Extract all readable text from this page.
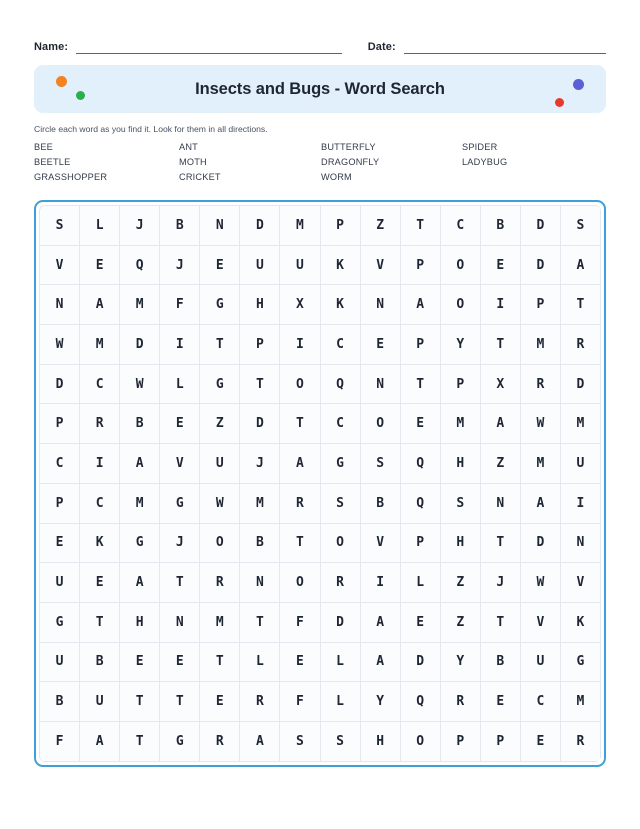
Name:	Date:
Insects and Bugs - Word Search
Circle each word as you find it. Look for them in all directions.
BEE	ANT	BUTTERFLY	SPIDER
BEETLE	MOTH	DRAGONFLY	LADYBUG
GRASSHOPPER	CRICKET	WORM
S	L	J	B	N	D	M	P	Z	T	C	B	D	S
V	E	Q	J	E	U	U	K	V	P	O	E	D	A
N	A	M	F	G	H	X	K	N	A	O	I	P	T
W	M	D	I	T	P	I	C	E	P	Y	T	M	R
D	C	W	L	G	T	O	Q	N	T	P	X	R	D
P	R	B	E	Z	D	T	C	O	E	M	A	W	M
C	I	A	V	U	J	A	G	S	Q	H	Z	M	U
P	C	M	G	W	M	R	S	B	Q	S	N	A	I
E	K	G	J	O	B	T	O	V	P	H	T	D	N
U	E	A	T	R	N	O	R	I	L	Z	J	W	V
G	T	H	N	M	T	F	D	A	E	Z	T	V	K
U	B	E	E	T	L	E	L	A	D	Y	B	U	G
B	U	T	T	E	R	F	L	Y	Q	R	E	C	M
F	A	T	G	R	A	S	S	H	O	P	P	E	R
